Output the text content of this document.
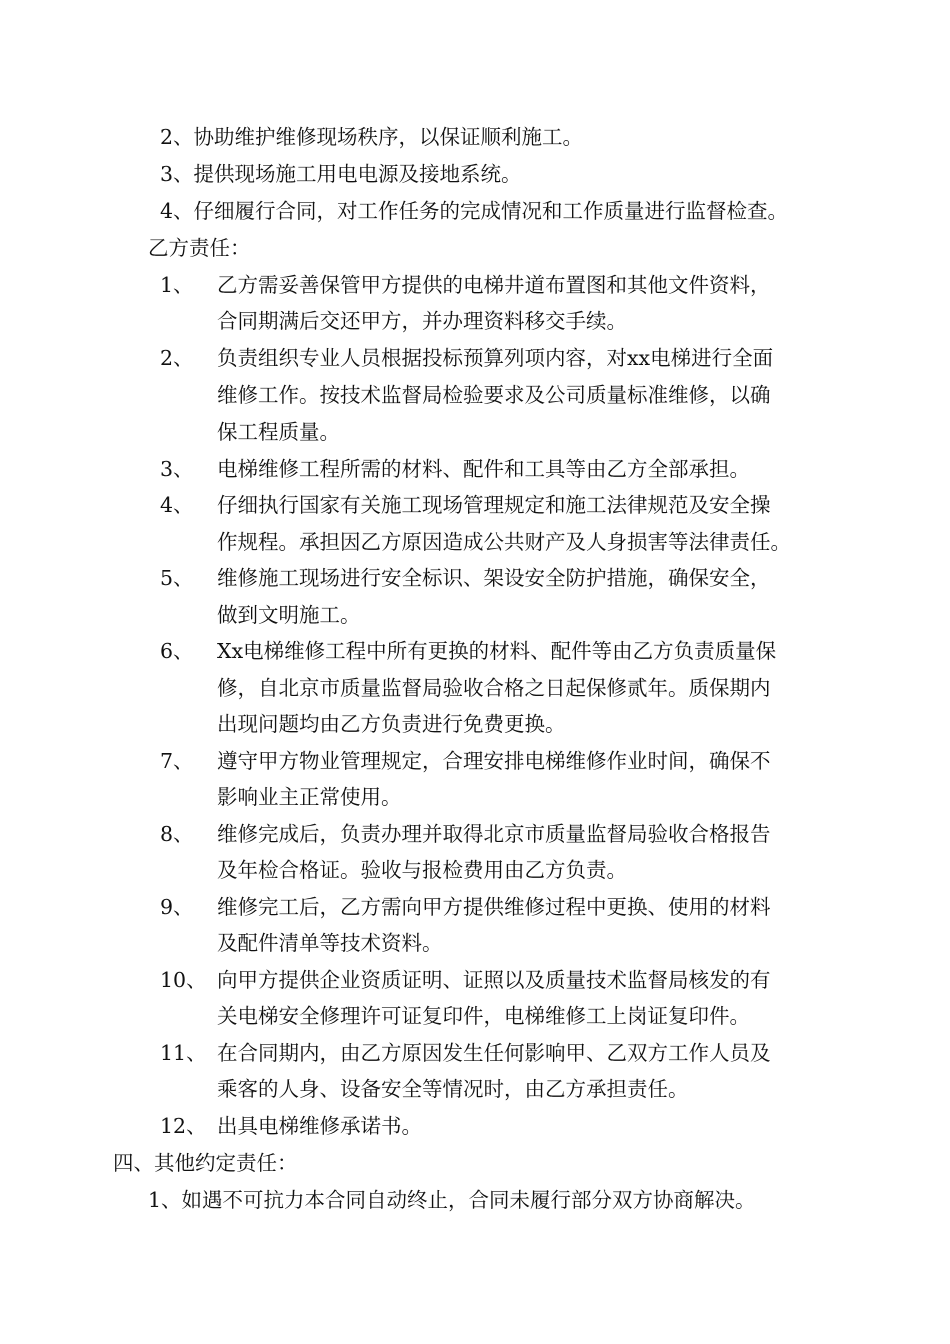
2、协助维护维修现场秩序，以保证顺利施工。
3、提供现场施工用电电源及接地系统。
4、仔细履行合同，对工作任务的完成情况和工作质量进行监督检查。
乙方责任：
1、 乙方需妥善保管甲方提供的电梯井道布置图和其他文件资料，
合同期满后交还甲方，并办理资料移交手续。
2、 负责组织专业人员根据投标预算列项内容，对xx电梯进行全面
维修工作。按技术监督局检验要求及公司质量标准维修，以确
保工程质量。
3、 电梯维修工程所需的材料、配件和工具等由乙方全部承担。
4、 仔细执行国家有关施工现场管理规定和施工法律规范及安全操
作规程。承担因乙方原因造成公共财产及人身损害等法律责任。
5、 维修施工现场进行安全标识、架设安全防护措施，确保安全，
做到文明施工。
6、 Xx电梯维修工程中所有更换的材料、配件等由乙方负责质量保
修，自北京市质量监督局验收合格之日起保修贰年。质保期内
出现问题均由乙方负责进行免费更换。
7、 遵守甲方物业管理规定，合理安排电梯维修作业时间，确保不
影响业主正常使用。
8、 维修完成后，负责办理并取得北京市质量监督局验收合格报告
及年检合格证。验收与报检费用由乙方负责。
9、 维修完工后，乙方需向甲方提供维修过程中更换、使用的材料
及配件清单等技术资料。
10、 向甲方提供企业资质证明、证照以及质量技术监督局核发的有
关电梯安全修理许可证复印件，电梯维修工上岗证复印件。
11、 在合同期内，由乙方原因发生任何影响甲、乙双方工作人员及
乘客的人身、设备安全等情况时，由乙方承担责任。
12、 出具电梯维修承诺书。
四、其他约定责任：
1、如遇不可抗力本合同自动终止，合同未履行部分双方协商解决。
